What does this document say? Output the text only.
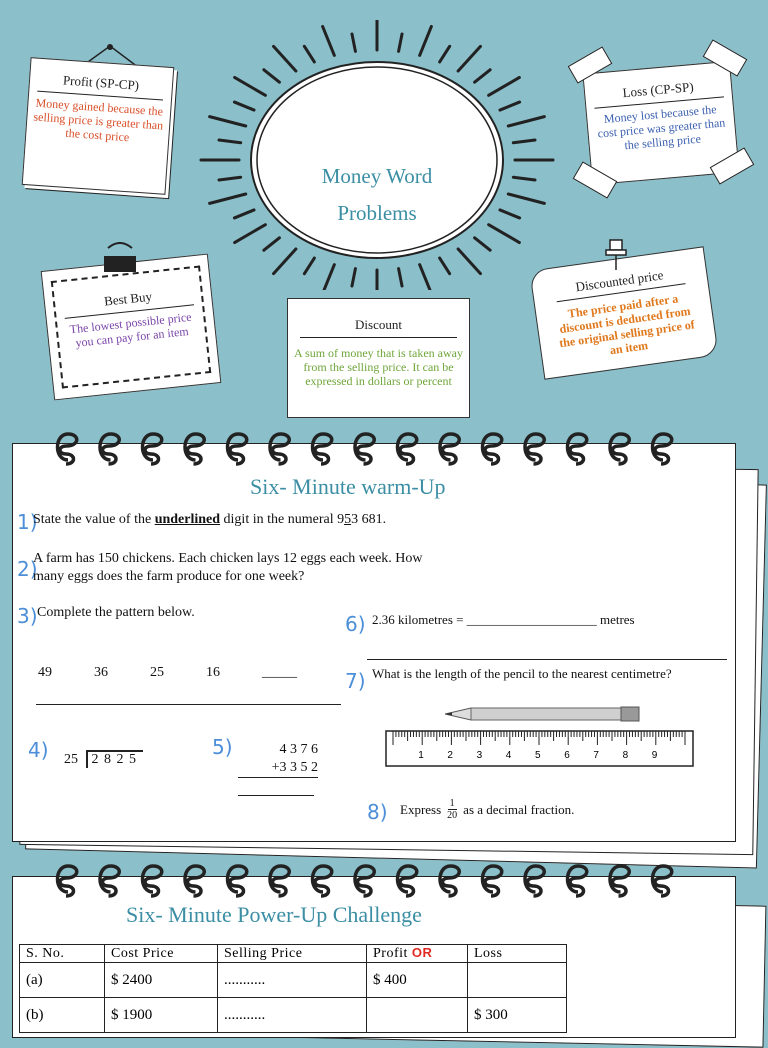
Money Word
Problems
Profit (SP-CP)
Money gained because the selling price is greater than the cost price
Loss (CP-SP)
Money lost because the cost price was greater than the selling price
Best Buy
The lowest possible price you can pay for an item	Discount
A sum of money that is taken away from the selling price. It can be expressed in dollars or percent
Discounted price
The price paid after a discount is deducted from the original selling price of an item
Six- Minute warm-Up
1)
State the value of the underlined digit in the numeral 953 681.
2)
A farm has 150 chickens. Each chicken lays 12 eggs each week. How
many eggs does the farm produce for one week?
3) Complete the pattern below.
49	36	25	16	_____
4) 25 2 8 2 5
5)	4 3 7 6
+3 3 5 2
6) 2.36 kilometres = ____________________ metres
7) What is the length of the pencil to the nearest centimetre?
1 2 3 4 5 6 7 8 9
8) Express 1
20 as a decimal fraction.
Six- Minute Power-Up Challenge
S. No.	Cost Price	Selling Price	Profit OR	Loss
(a)	$ 2400	...........	$ 400	
(b)	$ 1900	...........		$ 300
